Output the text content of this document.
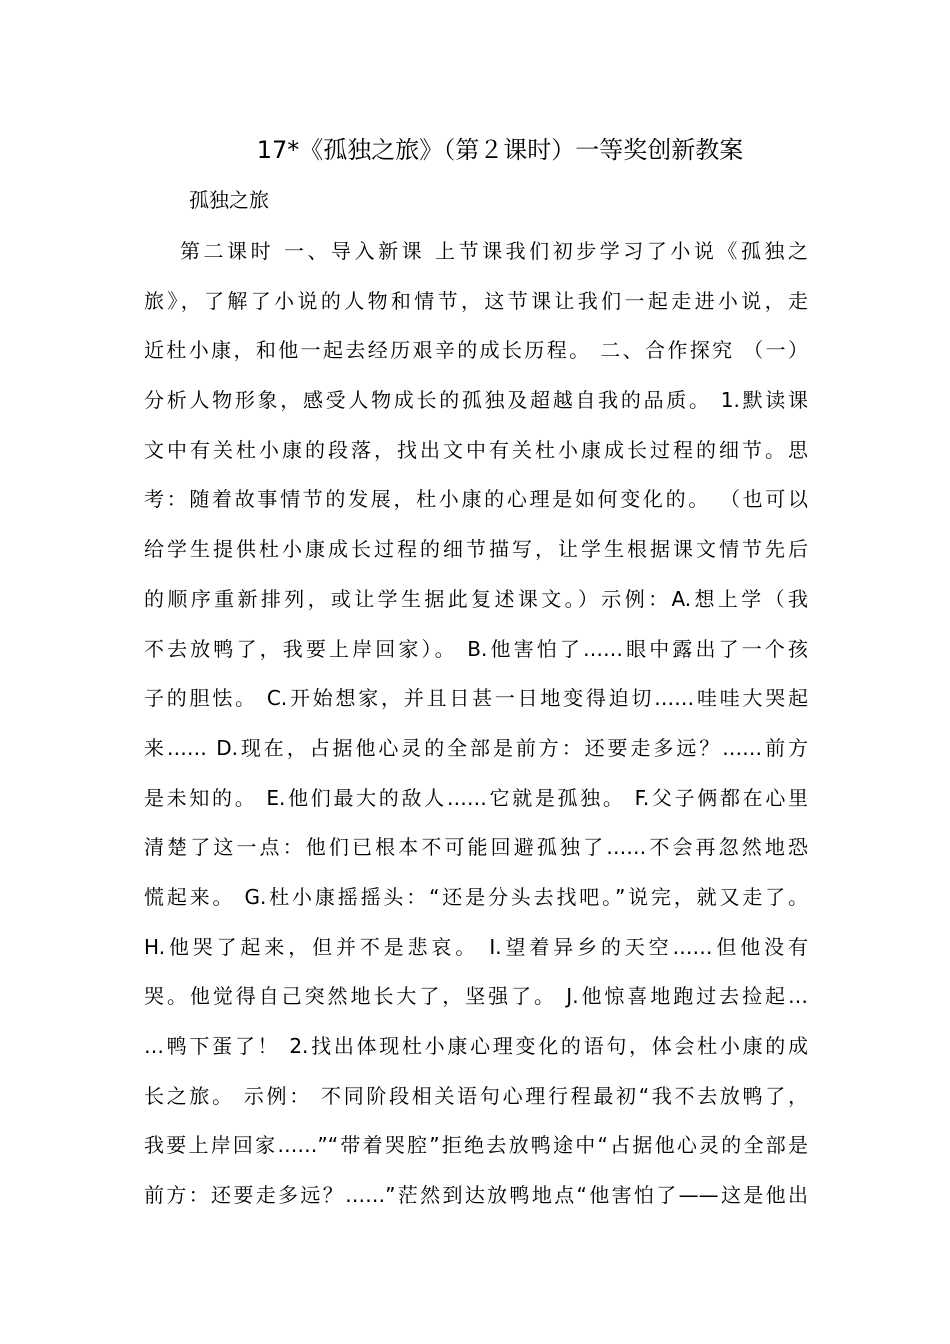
17*《孤独之旅》（第２课时）一等奖创新教案

孤独之旅

第二课时 一、导入新课 上节课我们初步学习了小说《孤独之
旅》，了解了小说的人物和情节，这节课让我们一起走进小说，走
近杜小康，和他一起去经历艰辛的成长历程。 二、合作探究 （一）
分析人物形象，感受人物成长的孤独及超越自我的品质。 1.默读课
文中有关杜小康的段落，找出文中有关杜小康成长过程的细节。思
考：随着故事情节的发展，杜小康的心理是如何变化的。 （也可以
给学生提供杜小康成长过程的细节描写，让学生根据课文情节先后
的顺序重新排列，或让学生据此复述课文。）示例：A.想上学（我
不去放鸭了，我要上岸回家）。 B.他害怕了……眼中露出了一个孩
子的胆怯。 C.开始想家，并且日甚一日地变得迫切……哇哇大哭起
来…… D.现在，占据他心灵的全部是前方：还要走多远？……前方
是未知的。 E.他们最大的敌人……它就是孤独。 F.父子俩都在心里
清楚了这一点：他们已根本不可能回避孤独了……不会再忽然地恐
慌起来。 G.杜小康摇摇头：“还是分头去找吧。”说完，就又走了。
H.他哭了起来，但并不是悲哀。 I.望着异乡的天空……但他没有
哭。他觉得自己突然地长大了，坚强了。 J.他惊喜地跑过去捡起…
…鸭下蛋了！ 2.找出体现杜小康心理变化的语句，体会杜小康的成
长之旅。 示例： 不同阶段相关语句心理行程最初“我不去放鸭了，
我要上岸回家……”“带着哭腔”拒绝去放鸭途中“占据他心灵的全部是
前方：还要走多远？……”茫然到达放鸭地点“他害怕了——这是他出
